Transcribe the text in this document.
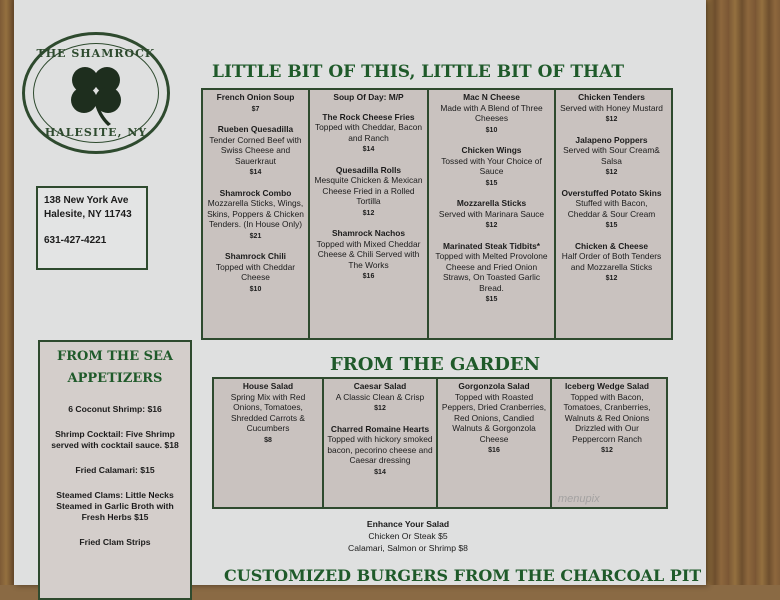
THE SHAMROCK
HALESITE, NY
138 New York Ave
Halesite, NY 11743
631-427-4221
LITTLE BIT OF THIS, LITTLE BIT OF THAT
French Onion Soup
$7
Rueben Quesadilla
Tender Corned Beef with Swiss Cheese and Sauerkraut
$14
Shamrock Combo
Mozzarella Sticks, Wings, Skins, Poppers & Chicken Tenders. (In House Only)
$21
Shamrock Chili
Topped with Cheddar Cheese
$10
Soup Of Day: M/P
The Rock Cheese Fries
Topped with Cheddar, Bacon and Ranch
$14
Quesadilla Rolls
Mesquite Chicken & Mexican Cheese Fried in a Rolled Tortilla
$12
Shamrock Nachos
Topped with Mixed Cheddar Cheese & Chili Served with The Works
$16
Mac N Cheese
Made with A Blend of Three Cheeses
$10
Chicken Wings
Tossed with Your Choice of Sauce
$15
Mozzarella Sticks
Served with Marinara Sauce
$12
Marinated Steak Tidbits*
Topped with Melted Provolone Cheese and Fried Onion Straws, On Toasted Garlic Bread.
$15
Chicken Tenders
Served with Honey Mustard
$12
Jalapeno Poppers
Served with Sour Cream& Salsa
$12
Overstuffed Potato Skins
Stuffed with Bacon, Cheddar & Sour Cream
$15
Chicken & Cheese
Half Order of Both Tenders and Mozzarella Sticks
$12
FROM THE GARDEN
House Salad
Spring Mix with Red Onions, Tomatoes, Shredded Carrots & Cucumbers
$8
Caesar Salad
A Classic Clean & Crisp
$12
Charred Romaine Hearts
Topped with hickory smoked bacon, pecorino cheese and Caesar dressing
$14
Gorgonzola Salad
Topped with Roasted Peppers, Dried Cranberries, Red Onions, Candied Walnuts & Gorgonzola Cheese
$16
Iceberg Wedge Salad
Topped with Bacon, Tomatoes, Cranberries, Walnuts & Red Onions Drizzled with Our Peppercorn Ranch
$12
FROM THE SEA
APPETIZERS
6 Coconut Shrimp: $16
Shrimp Cocktail: Five Shrimp served with cocktail sauce. $18
Fried Calamari: $15
Steamed Clams: Little Necks Steamed in Garlic Broth with Fresh Herbs $15
Fried Clam Strips
Enhance Your Salad
Chicken Or Steak $5
Calamari, Salmon or Shrimp $8
CUSTOMIZED BURGERS FROM THE CHARCOAL PIT
menupix
